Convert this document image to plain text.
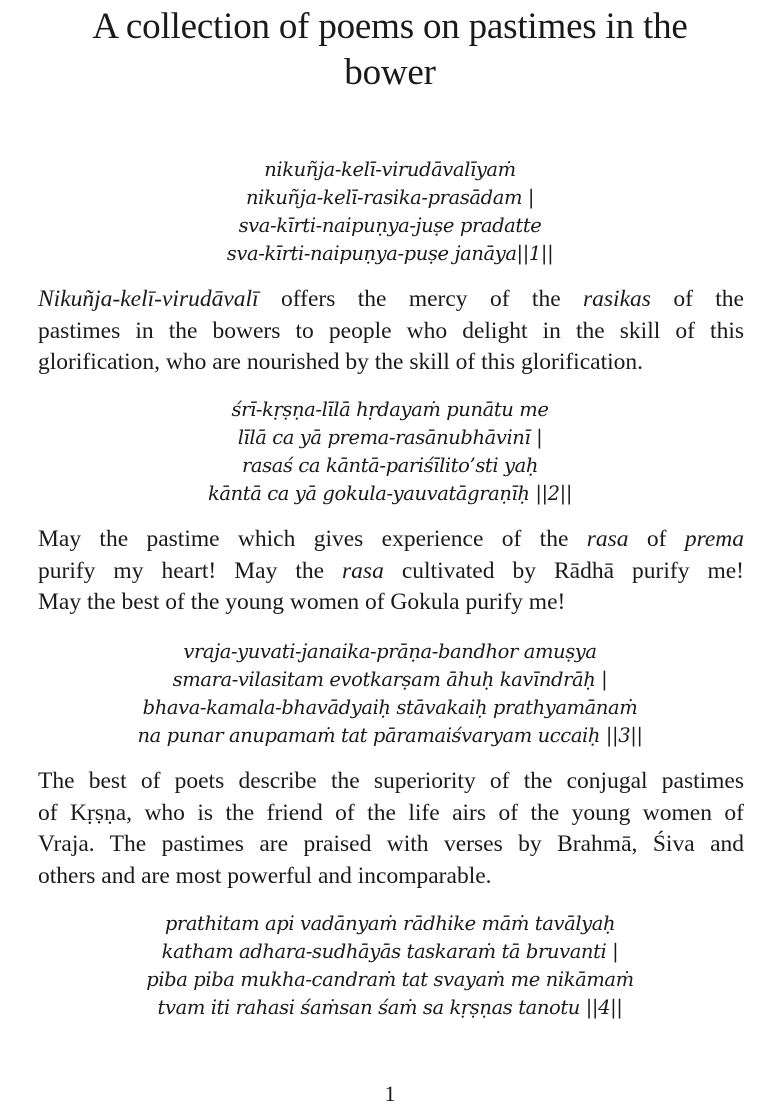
A collection of poems on pastimes in the
bower
nikuñja-kelī-virudāvalīyaṁ
nikuñja-kelī-rasika-prasādam |
sva-kīrti-naipuṇya-juṣe pradatte
sva-kīrti-naipuṇya-puṣe janāya||1||
Nikuñja-kelī-virudāvalī offers the mercy of the rasikas of the
pastimes in the bowers to people who delight in the skill of this
glorification, who are nourished by the skill of this glorification.
śrī-kṛṣṇa-līlā hṛdayaṁ punātu me
līlā ca yā prema-rasānubhāvinī |
rasaś ca kāntā-pariśīlito’sti yaḥ
kāntā ca yā gokula-yauvatāgraṇīḥ ||2||
May the pastime which gives experience of the rasa of prema
purify my heart! May the rasa cultivated by Rādhā purify me!
May the best of the young women of Gokula purify me!
vraja-yuvati-janaika-prāṇa-bandhor amuṣya
smara-vilasitam evotkarṣam āhuḥ kavīndrāḥ |
bhava-kamala-bhavādyaiḥ stāvakaiḥ prathyamānaṁ
na punar anupamaṁ tat pāramaiśvaryam uccaiḥ ||3||
The best of poets describe the superiority of the conjugal pastimes
of Kṛṣṇa, who is the friend of the life airs of the young women of
Vraja. The pastimes are praised with verses by Brahmā, Śiva and
others and are most powerful and incomparable.
prathitam api vadānyaṁ rādhike māṁ tavālyaḥ
katham adhara-sudhāyās taskaraṁ tā bruvanti |
piba piba mukha-candraṁ tat svayaṁ me nikāmaṁ
tvam iti rahasi śaṁsan śaṁ sa kṛṣṇas tanotu ||4||
1
